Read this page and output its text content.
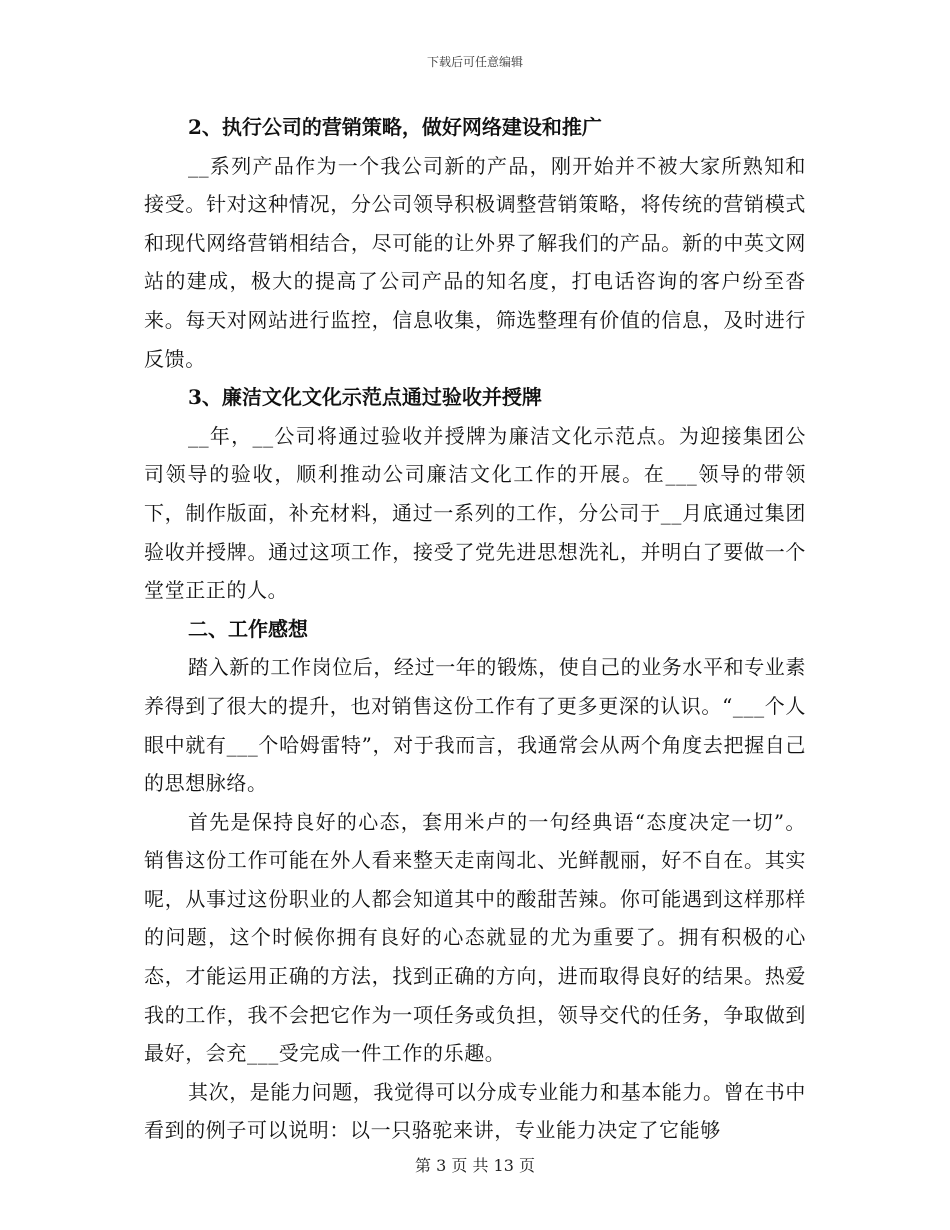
下载后可任意编辑

2、执行公司的营销策略，做好网络建设和推广

__系列产品作为一个我公司新的产品，刚开始并不被大家所熟知和接受。针对这种情况，分公司领导积极调整营销策略，将传统的营销模式和现代网络营销相结合，尽可能的让外界了解我们的产品。新的中英文网站的建成，极大的提高了公司产品的知名度，打电话咨询的客户纷至沓来。每天对网站进行监控，信息收集，筛选整理有价值的信息，及时进行反馈。

3、廉洁文化文化示范点通过验收并授牌

__年，__公司将通过验收并授牌为廉洁文化示范点。为迎接集团公司领导的验收，顺利推动公司廉洁文化工作的开展。在___领导的带领下，制作版面，补充材料，通过一系列的工作，分公司于__月底通过集团验收并授牌。通过这项工作，接受了党先进思想洗礼，并明白了要做一个堂堂正正的人。

二、工作感想

踏入新的工作岗位后，经过一年的锻炼，使自己的业务水平和专业素养得到了很大的提升，也对销售这份工作有了更多更深的认识。“___个人眼中就有___个哈姆雷特”，对于我而言，我通常会从两个角度去把握自己的思想脉络。

首先是保持良好的心态，套用米卢的一句经典语“态度决定一切”。销售这份工作可能在外人看来整天走南闯北、光鲜靓丽，好不自在。其实呢，从事过这份职业的人都会知道其中的酸甜苦辣。你可能遇到这样那样的问题，这个时候你拥有良好的心态就显的尤为重要了。拥有积极的心态，才能运用正确的方法，找到正确的方向，进而取得良好的结果。热爱我的工作，我不会把它作为一项任务或负担，领导交代的任务，争取做到最好，会充___受完成一件工作的乐趣。

其次，是能力问题，我觉得可以分成专业能力和基本能力。曾在书中看到的例子可以说明：以一只骆驼来讲，专业能力决定了它能够

第 3 页 共 13 页
